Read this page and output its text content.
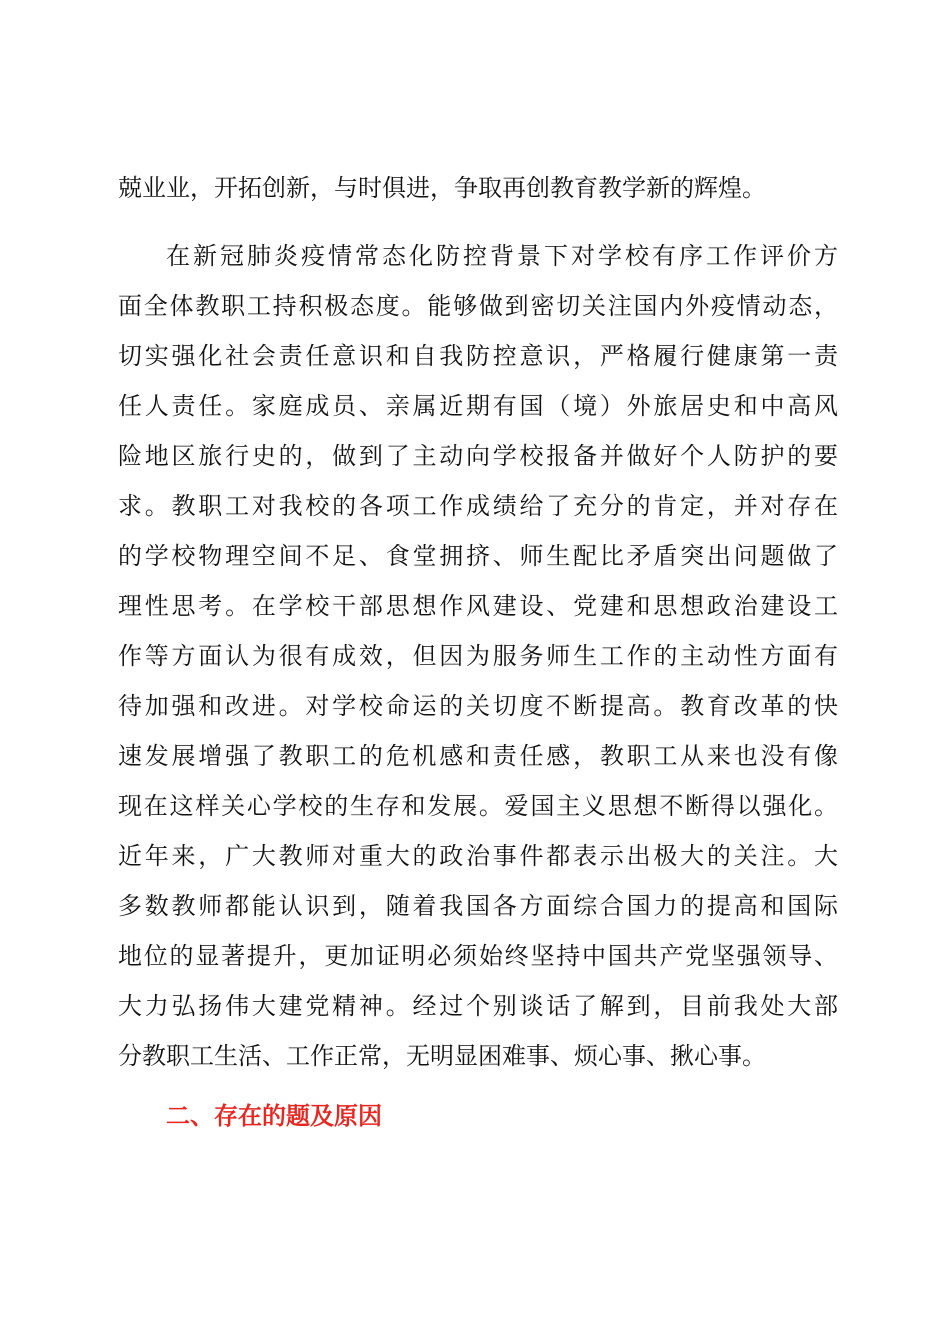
兢业业，开拓创新，与时俱进，争取再创教育教学新的辉煌。
在新冠肺炎疫情常态化防控背景下对学校有序工作评价方
面全体教职工持积极态度。能够做到密切关注国内外疫情动态，
切实强化社会责任意识和自我防控意识，严格履行健康第一责
任人责任。家庭成员、亲属近期有国（境）外旅居史和中高风
险地区旅行史的，做到了主动向学校报备并做好个人防护的要
求。教职工对我校的各项工作成绩给了充分的肯定，并对存在
的学校物理空间不足、食堂拥挤、师生配比矛盾突出问题做了
理性思考。在学校干部思想作风建设、党建和思想政治建设工
作等方面认为很有成效，但因为服务师生工作的主动性方面有
待加强和改进。对学校命运的关切度不断提高。教育改革的快
速发展增强了教职工的危机感和责任感，教职工从来也没有像
现在这样关心学校的生存和发展。爱国主义思想不断得以强化。
近年来，广大教师对重大的政治事件都表示出极大的关注。大
多数教师都能认识到，随着我国各方面综合国力的提高和国际
地位的显著提升，更加证明必须始终坚持中国共产党坚强领导、
大力弘扬伟大建党精神。经过个别谈话了解到，目前我处大部
分教职工生活、工作正常，无明显困难事、烦心事、揪心事。
二、存在的题及原因
